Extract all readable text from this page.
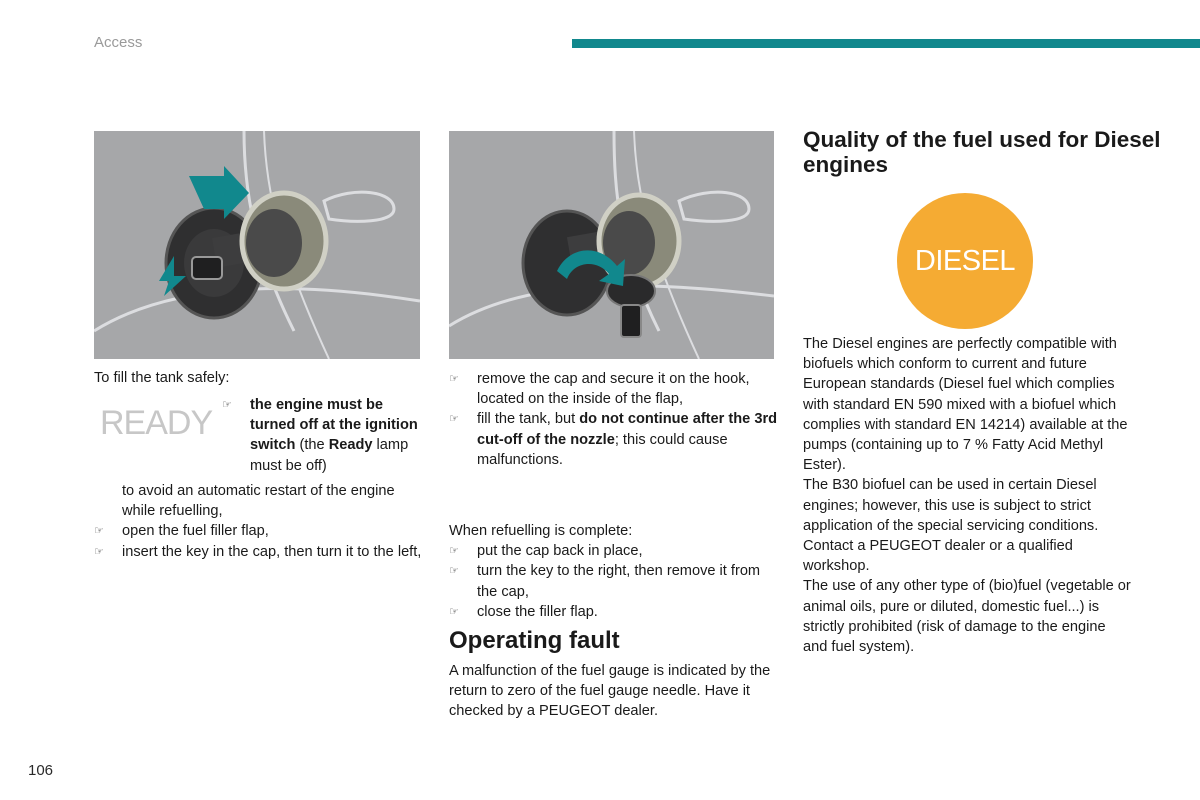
Access
To fill the tank safely:
READY
☞	the engine must be turned off at the ignition switch (the Ready lamp must be off)
to avoid an automatic restart of the engine while refuelling,
☞ open the fuel filler flap,
☞ insert the key in the cap, then turn it to the left,
☞ remove the cap and secure it on the hook, located on the inside of the flap,
☞ fill the tank, but do not continue after the 3rd cut-off of the nozzle; this could cause malfunctions.
When refuelling is complete:
☞ put the cap back in place,
☞ turn the key to the right, then remove it from the cap,
☞ close the filler flap.
Operating fault
A malfunction of the fuel gauge is indicated by the return to zero of the fuel gauge needle. Have it checked by a PEUGEOT dealer.
Quality of the fuel used for Diesel engines
DIESEL
The Diesel engines are perfectly compatible with biofuels which conform to current and future European standards (Diesel fuel which complies with standard EN 590 mixed with a biofuel which complies with standard EN 14214) available at the pumps (containing up to 7 % Fatty Acid Methyl Ester).
The B30 biofuel can be used in certain Diesel engines; however, this use is subject to strict application of the special servicing conditions. Contact a PEUGEOT dealer or a qualified workshop.
The use of any other type of (bio)fuel (vegetable or animal oils, pure or diluted, domestic fuel...) is strictly prohibited (risk of damage to the engine and fuel system).
106
